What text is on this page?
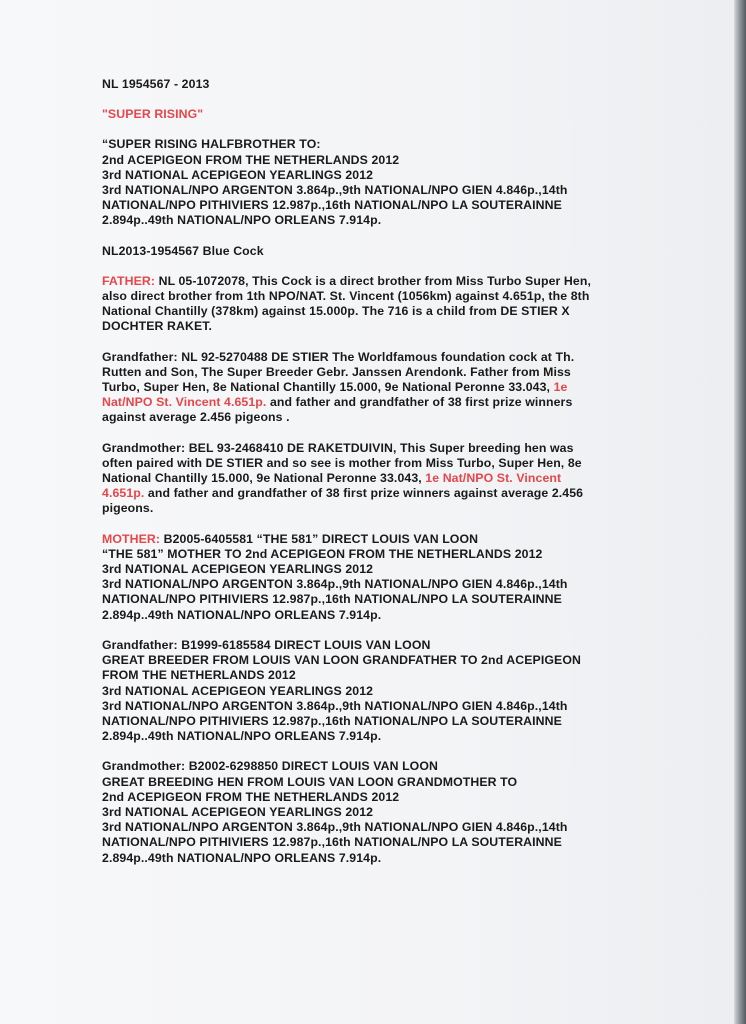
NL 1954567 - 2013

"SUPER RISING"

“SUPER RISING HALFBROTHER TO:

2nd ACEPIGEON FROM THE NETHERLANDS 2012

3rd NATIONAL ACEPIGEON YEARLINGS 2012

3rd NATIONAL/NPO ARGENTON 3.864p.,9th NATIONAL/NPO GIEN 4.846p.,14th

NATIONAL/NPO PITHIVIERS 12.987p.,16th NATIONAL/NPO LA SOUTERAINNE

2.894p..49th NATIONAL/NPO ORLEANS 7.914p.

NL2013-1954567 Blue Cock

FATHER: NL 05-1072078, This Cock is a direct brother from Miss Turbo Super Hen,

also direct brother from 1th NPO/NAT. St. Vincent (1056km) against 4.651p, the 8th

National Chantilly (378km) against 15.000p. The 716 is a child from DE STIER X

DOCHTER RAKET.

Grandfather: NL 92-5270488 DE STIER The Worldfamous foundation cock at Th.

Rutten and Son, The Super Breeder Gebr. Janssen Arendonk. Father from Miss

Turbo, Super Hen, 8e National Chantilly 15.000, 9e National Peronne 33.043, 1e

Nat/NPO St. Vincent 4.651p. and father and grandfather of 38 first prize winners

against average 2.456 pigeons .

Grandmother: BEL 93-2468410 DE RAKETDUIVIN, This Super breeding hen was

often paired with DE STIER and so see is mother from Miss Turbo, Super Hen, 8e

National Chantilly 15.000, 9e National Peronne 33.043, 1e Nat/NPO St. Vincent

4.651p. and father and grandfather of 38 first prize winners against average 2.456

pigeons.

MOTHER: B2005-6405581 “THE 581” DIRECT LOUIS VAN LOON

“THE 581” MOTHER TO 2nd ACEPIGEON FROM THE NETHERLANDS 2012

3rd NATIONAL ACEPIGEON YEARLINGS 2012

3rd NATIONAL/NPO ARGENTON 3.864p.,9th NATIONAL/NPO GIEN 4.846p.,14th

NATIONAL/NPO PITHIVIERS 12.987p.,16th NATIONAL/NPO LA SOUTERAINNE

2.894p..49th NATIONAL/NPO ORLEANS 7.914p.

Grandfather: B1999-6185584 DIRECT LOUIS VAN LOON

GREAT BREEDER FROM LOUIS VAN LOON GRANDFATHER TO 2nd ACEPIGEON

FROM THE NETHERLANDS 2012

3rd NATIONAL ACEPIGEON YEARLINGS 2012

3rd NATIONAL/NPO ARGENTON 3.864p.,9th NATIONAL/NPO GIEN 4.846p.,14th

NATIONAL/NPO PITHIVIERS 12.987p.,16th NATIONAL/NPO LA SOUTERAINNE

2.894p..49th NATIONAL/NPO ORLEANS 7.914p.

Grandmother: B2002-6298850 DIRECT LOUIS VAN LOON

GREAT BREEDING HEN FROM LOUIS VAN LOON GRANDMOTHER TO

2nd ACEPIGEON FROM THE NETHERLANDS 2012

3rd NATIONAL ACEPIGEON YEARLINGS 2012

3rd NATIONAL/NPO ARGENTON 3.864p.,9th NATIONAL/NPO GIEN 4.846p.,14th

NATIONAL/NPO PITHIVIERS 12.987p.,16th NATIONAL/NPO LA SOUTERAINNE

2.894p..49th NATIONAL/NPO ORLEANS 7.914p.
